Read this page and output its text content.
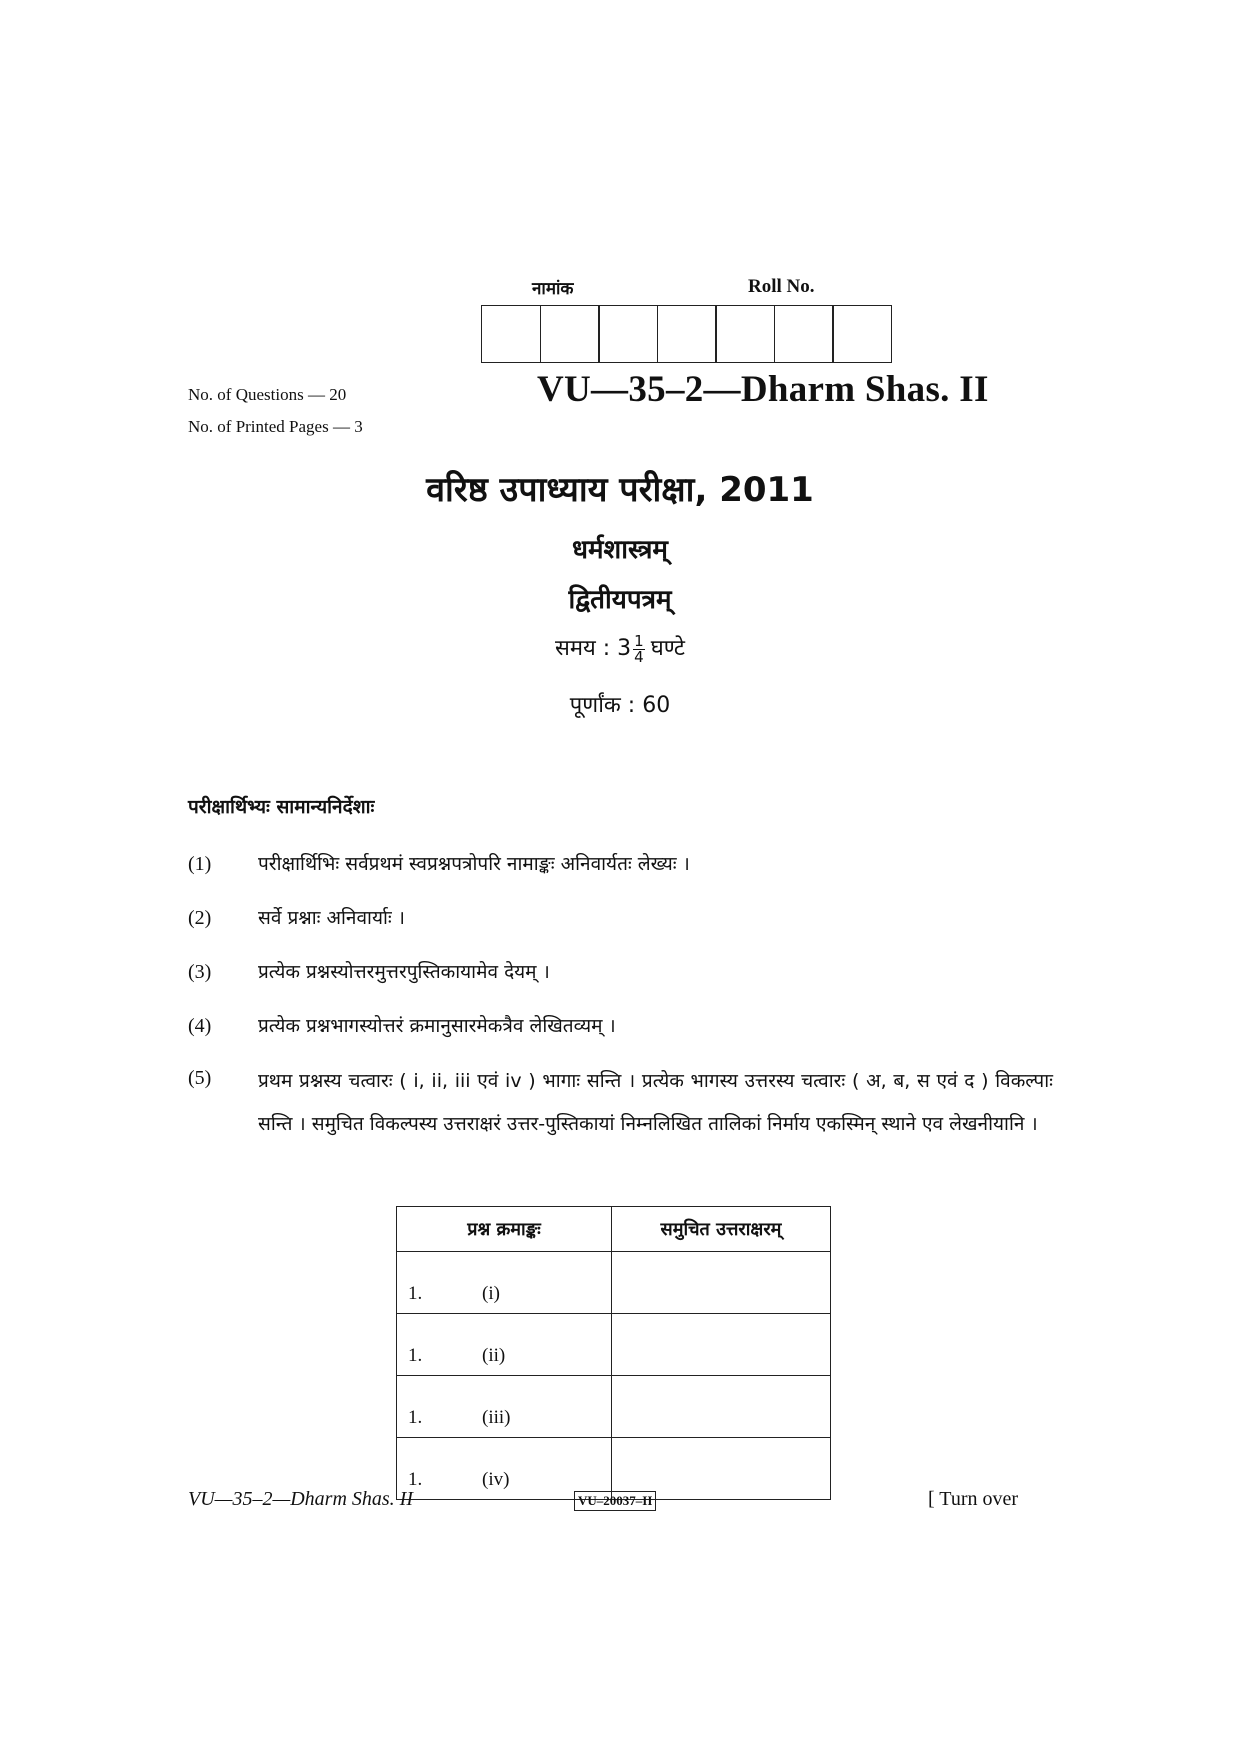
नामांक	Roll No.
No. of Questions — 20
No. of Printed Pages — 3
VU—35–2—Dharm Shas. II
वरिष्ठ उपाध्याय परीक्षा, 2011
धर्मशास्त्रम्
द्वितीयपत्रम्
समय : $3 \frac{1}{4}$ घण्टे
पूर्णांक : 60
परीक्षार्थिभ्यः सामान्यनिर्देशाः
(1) परीक्षार्थिभिः सर्वप्रथमं स्वप्रश्नपत्रोपरि नामाङ्कः अनिवार्यतः लेख्यः ।
(2) सर्वे प्रश्नाः अनिवार्याः ।
(3) प्रत्येक प्रश्नस्योत्तरमुत्तरपुस्तिकायामेव देयम् ।
(4) प्रत्येक प्रश्नभागस्योत्तरं क्रमानुसारमेकत्रैव लेखितव्यम् ।
(5) प्रथम प्रश्नस्य चत्वारः ( i, ii, iii एवं iv ) भागाः सन्ति । प्रत्येक भागस्य उत्तरस्य चत्वारः ( अ, ब, स एवं द ) विकल्पाः सन्ति । समुचित विकल्पस्य उत्तराक्षरं उत्तर-पुस्तिकायां निम्नलिखित तालिकां निर्माय एकस्मिन् स्थाने एव लेखनीयानि ।
प्रश्न क्रमाङ्कः	समुचित उत्तराक्षरम्
1. (i)	
1. (ii)	
1. (iii)	
1. (iv)	
VU—35–2—Dharm Shas. II	VU–20037–II	[ Turn over
